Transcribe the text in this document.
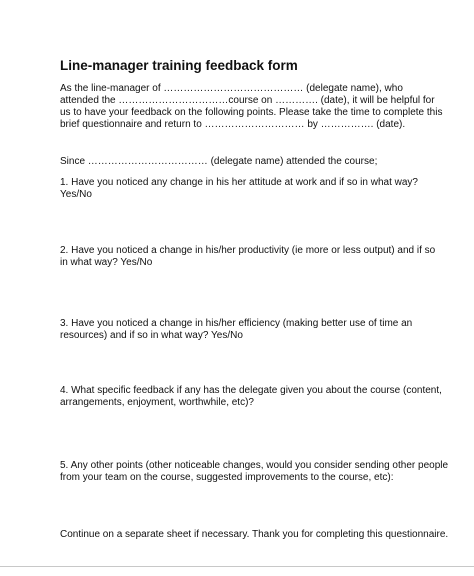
Line-manager training feedback form
As the line-manager of …………………………………… (delegate name), who
attended the ……………………………course on …………. (date), it will be helpful for
us to have your feedback on the following points. Please take the time to complete this
brief questionnaire and return to ………………………… by ……………. (date).
Since ……………………………… (delegate name) attended the course;
1. Have you noticed any change in his her attitude at work and if so in what way?
Yes/No
2. Have you noticed a change in his/her productivity (ie more or less output) and if so
in what way? Yes/No
3. Have you noticed a change in his/her efficiency (making better use of time an
resources) and if so in what way? Yes/No
4. What specific feedback if any has the delegate given you about the course (content,
arrangements, enjoyment, worthwhile, etc)?
5. Any other points (other noticeable changes, would you consider sending other people
from your team on the course, suggested improvements to the course, etc):
Continue on a separate sheet if necessary. Thank you for completing this questionnaire.
